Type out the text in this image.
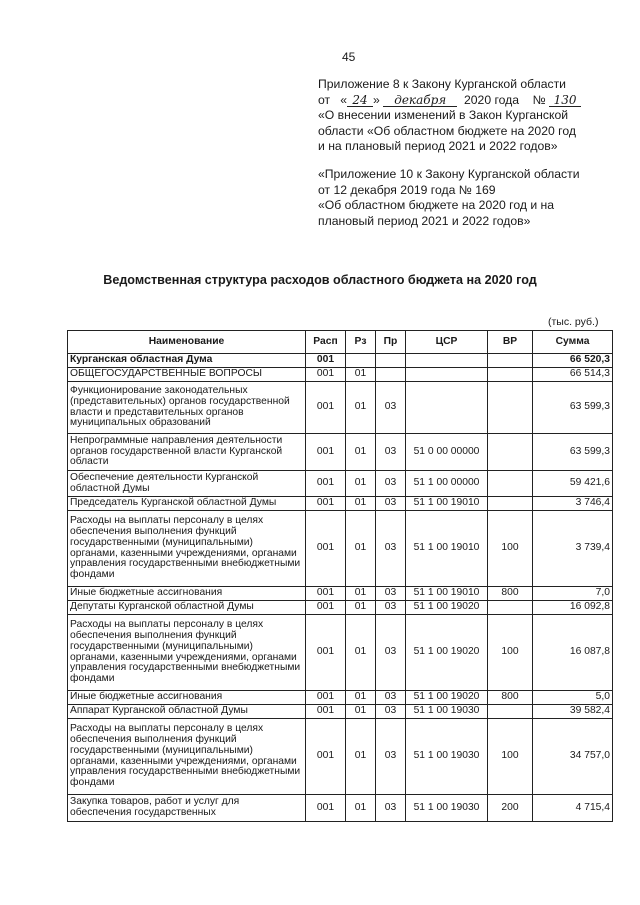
45
Приложение 8 к Закону Курганской области
от « 24 » декабря 2020 года № 130
«О внесении изменений в Закон Курганской
области «Об областном бюджете на 2020 год
и на плановый период 2021 и 2022 годов»
«Приложение 10 к Закону Курганской области
от 12 декабря 2019 года № 169
«Об областном бюджете на 2020 год и на
плановый период 2021 и 2022 годов»
Ведомственная структура расходов областного бюджета на 2020 год
(тыс. руб.)
Наименование	Расп	Рз	Пр	ЦСР	ВР	Сумма
Курганская областная Дума	001					66 520,3
ОБЩЕГОСУДАРСТВЕННЫЕ ВОПРОСЫ	001	01				66 514,3
Функционирование законодательных (представительных) органов государственной власти и представительных органов муниципальных образований	001	01	03			63 599,3
Непрограммные направления деятельности органов государственной власти Курганской области	001	01	03	51 0 00 00000		63 599,3
Обеспечение деятельности Курганской областной Думы	001	01	03	51 1 00 00000		59 421,6
Председатель Курганской областной Думы	001	01	03	51 1 00 19010		3 746,4
Расходы на выплаты персоналу в целях обеспечения выполнения функций государственными (муниципальными) органами, казенными учреждениями, органами управления государственными внебюджетными фондами	001	01	03	51 1 00 19010	100	3 739,4
Иные бюджетные ассигнования	001	01	03	51 1 00 19010	800	7,0
Депутаты Курганской областной Думы	001	01	03	51 1 00 19020		16 092,8
Расходы на выплаты персоналу в целях обеспечения выполнения функций государственными (муниципальными) органами, казенными учреждениями, органами управления государственными внебюджетными фондами	001	01	03	51 1 00 19020	100	16 087,8
Иные бюджетные ассигнования	001	01	03	51 1 00 19020	800	5,0
Аппарат Курганской областной Думы	001	01	03	51 1 00 19030		39 582,4
Расходы на выплаты персоналу в целях обеспечения выполнения функций государственными (муниципальными) органами, казенными учреждениями, органами управления государственными внебюджетными фондами	001	01	03	51 1 00 19030	100	34 757,0
Закупка товаров, работ и услуг для обеспечения государственных	001	01	03	51 1 00 19030	200	4 715,4
